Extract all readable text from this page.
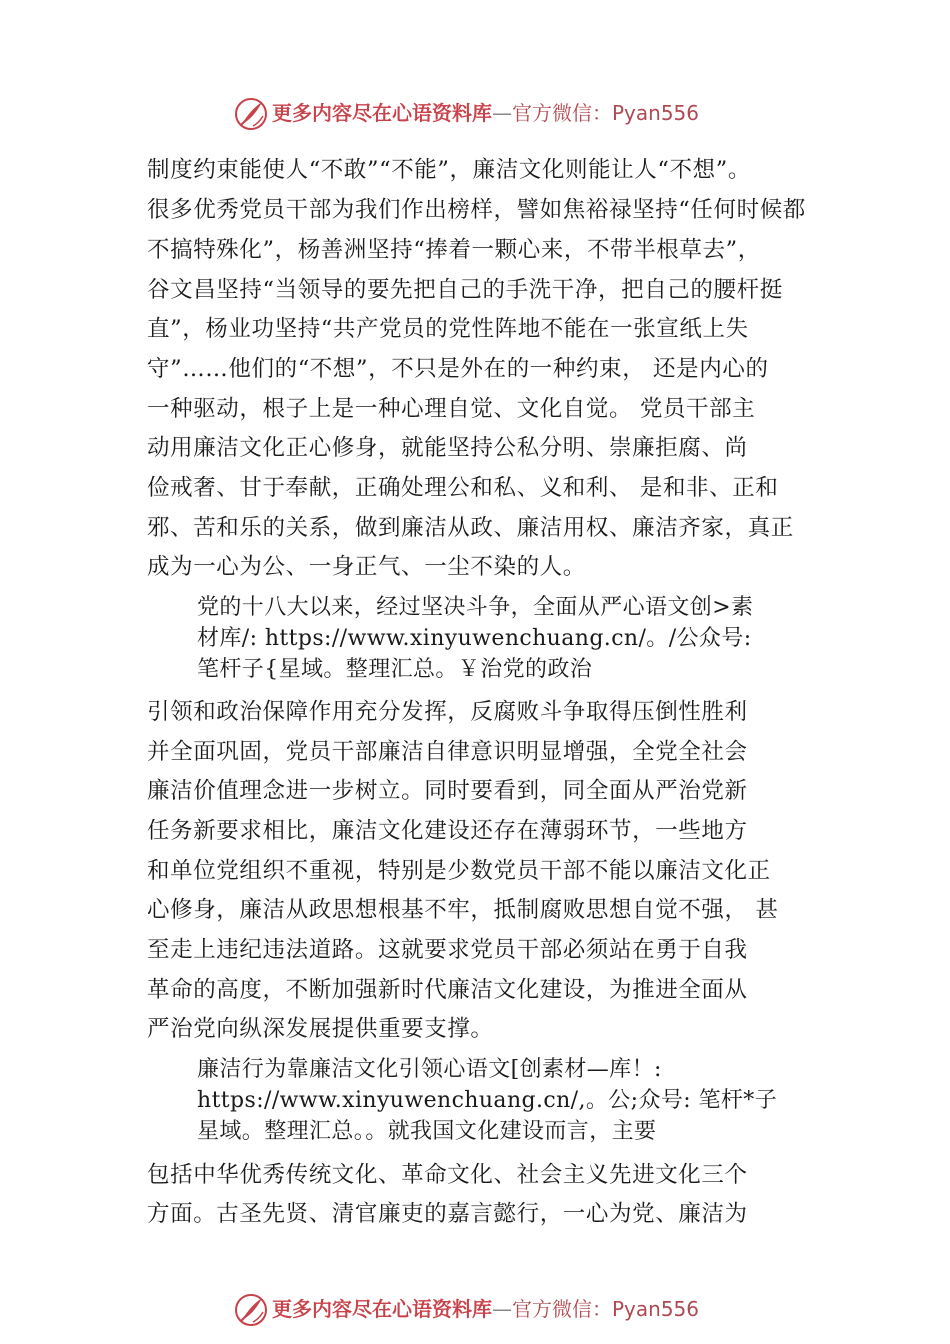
更多内容尽在心语资料库—官方微信：Pyan556
制度约束能使人“不敢”“不能”，廉洁文化则能让人“不想”。
很多优秀党员干部为我们作出榜样，譬如焦裕禄坚持“任何时候都
不搞特殊化”，杨善洲坚持“捧着一颗心来，不带半根草去”，
谷文昌坚持“当领导的要先把自己的手洗干净，把自己的腰杆挺
直”，杨业功坚持“共产党员的党性阵地不能在一张宣纸上失
守”……他们的“不想”，不只是外在的一种约束， 还是内心的
一种驱动，根子上是一种心理自觉、文化自觉。 党员干部主
动用廉洁文化正心修身，就能坚持公私分明、崇廉拒腐、尚
俭戒奢、甘于奉献，正确处理公和私、义和利、 是和非、正和
邪、苦和乐的关系，做到廉洁从政、廉洁用权、廉洁齐家，真正
成为一心为公、一身正气、一尘不染的人。
党的十八大以来，经过坚决斗争，全面从严心语文创>素
材库/: https://www.xinyuwenchuang.cn/。/公众号:
笔杆子{星域。整理汇总。￥治党的政治
引领和政治保障作用充分发挥，反腐败斗争取得压倒性胜利
并全面巩固，党员干部廉洁自律意识明显增强，全党全社会
廉洁价值理念进一步树立。同时要看到，同全面从严治党新
任务新要求相比，廉洁文化建设还存在薄弱环节，一些地方
和单位党组织不重视，特别是少数党员干部不能以廉洁文化正
心修身，廉洁从政思想根基不牢，抵制腐败思想自觉不强， 甚
至走上违纪违法道路。这就要求党员干部必须站在勇于自我
革命的高度，不断加强新时代廉洁文化建设，为推进全面从
严治党向纵深发展提供重要支撑。
廉洁行为靠廉洁文化引领心语文[创素材—库！:
https://www.xinyuwenchuang.cn/,。公;众号: 笔杆*子
星域。整理汇总。。就我国文化建设而言，主要
包括中华优秀传统文化、革命文化、社会主义先进文化三个
方面。古圣先贤、清官廉吏的嘉言懿行，一心为党、廉洁为
更多内容尽在心语资料库—官方微信：Pyan556
